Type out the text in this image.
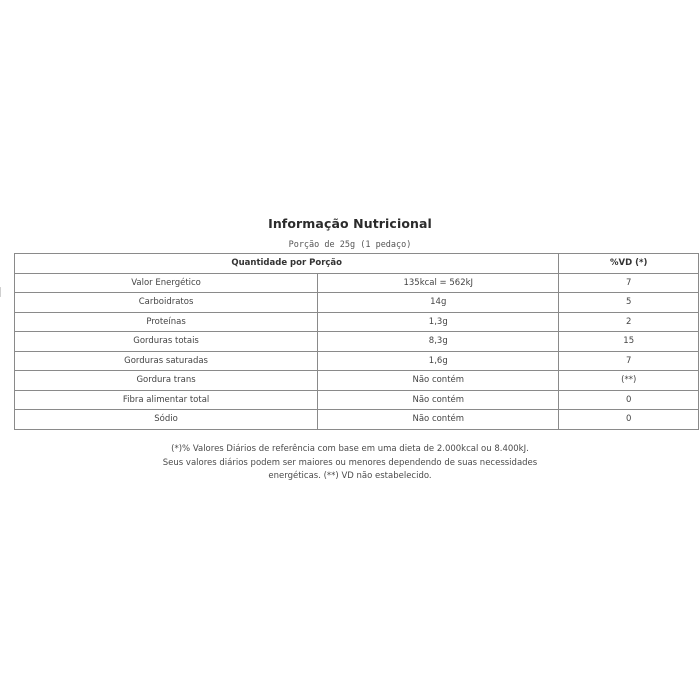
Informação Nutricional
Porção de 25g (1 pedaço)
Quantidade por Porção		%VD (*)
Valor Energético	135kcal = 562kJ	7
Carboidratos	14g	5
Proteínas	1,3g	2
Gorduras totais	8,3g	15
Gorduras saturadas	1,6g	7
Gordura trans	Não contém	(**)
Fibra alimentar total	Não contém	0
Sódio	Não contém	0
(*)% Valores Diários de referência com base em uma dieta de 2.000kcal ou 8.400kJ.
Seus valores diários podem ser maiores ou menores dependendo de suas necessidades
energéticas. (**) VD não estabelecido.
